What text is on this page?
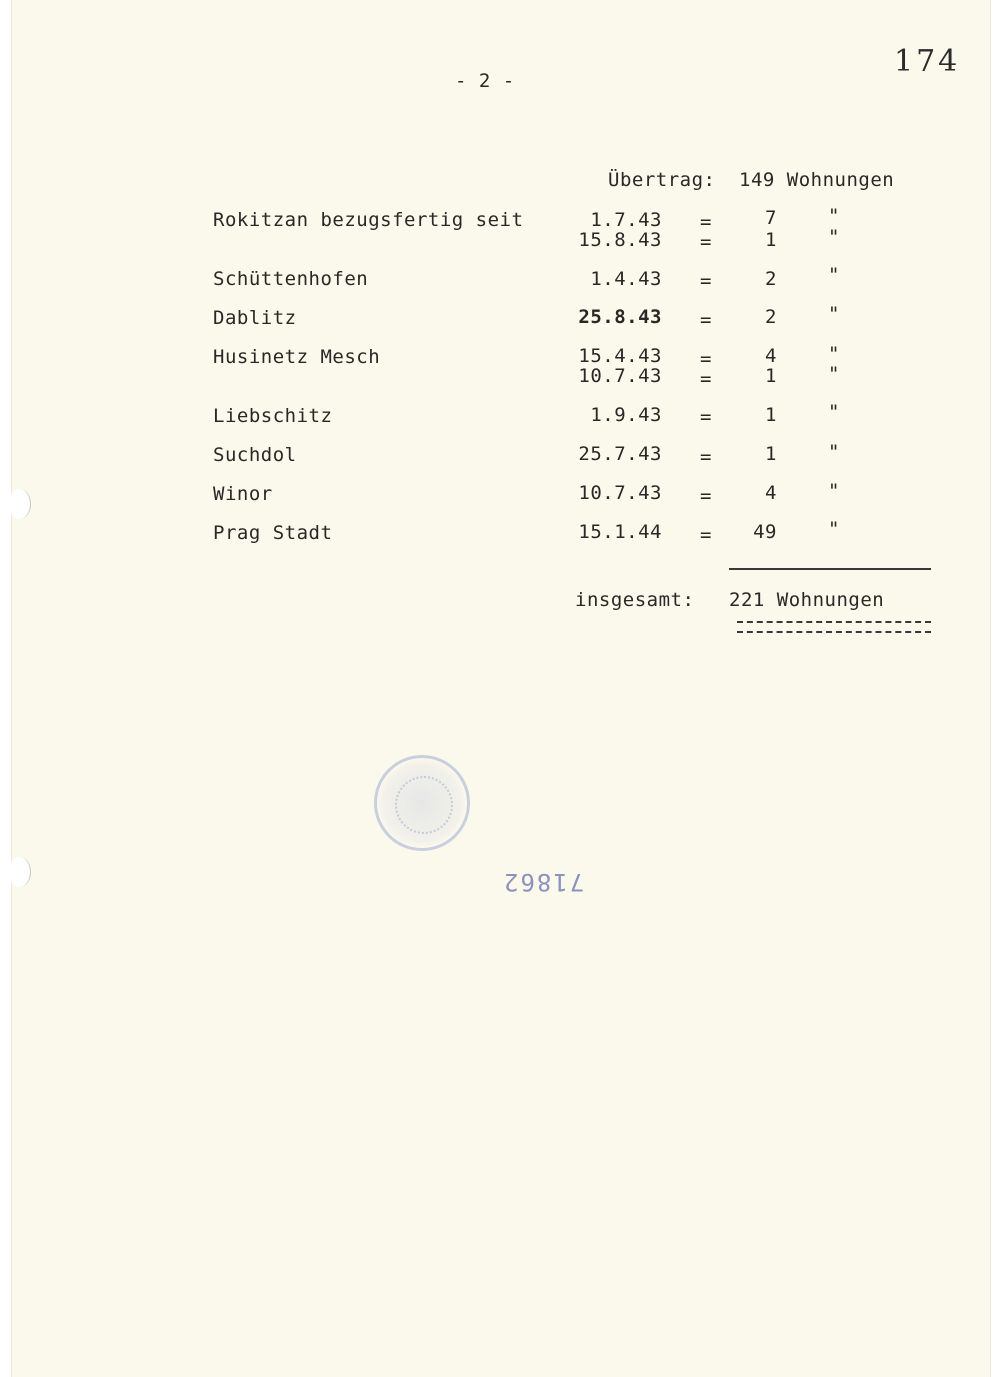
- 2 -
174
Übertrag: 149 Wohnungen
Rokitzan bezugsfertig seit	1.7.43 =	7	"
15.8.43 =	1	"
Schüttenhofen	1.4.43 =	2	"
Dablitz	25.8.43 =	2	"
Husinetz Mesch	15.4.43 =	4	"
10.7.43 =	1	"
Liebschitz	1.9.43 =	1	"
Suchdol	25.7.43 =	1	"
Winor	10.7.43 =	4	"
Prag Stadt	15.1.44 =	49	"
insgesamt: 221 Wohnungen
71862
